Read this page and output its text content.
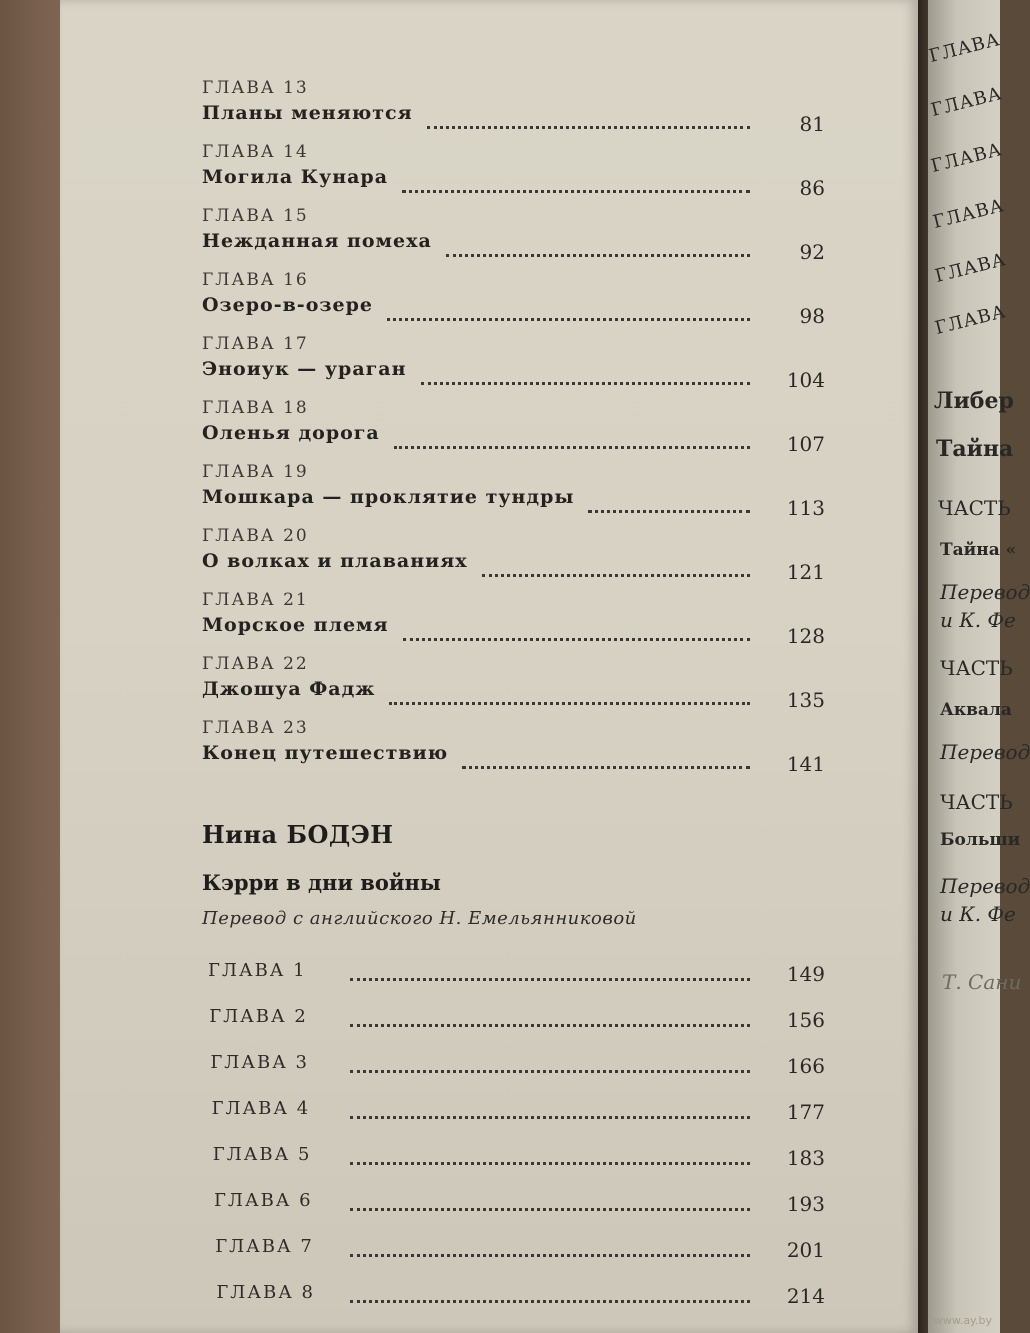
ГЛАВА 13
Планы меняются	81
ГЛАВА 14
Могила Кунара	86
ГЛАВА 15
Нежданная помеха	92
ГЛАВА 16
Озеро-в-озере	98
ГЛАВА 17
Эноиук — ураган	104
ГЛАВА 18
Оленья дорога	107
ГЛАВА 19
Мошкара — проклятие тундры	113
ГЛАВА 20
О волках и плаваниях	121
ГЛАВА 21
Морское племя	128
ГЛАВА 22
Джошуа Фадж	135
ГЛАВА 23
Конец путешествию	141
Нина БОДЭН
Кэрри в дни войны
Перевод с английского Н. Емельянниковой
ГЛАВА 1	149
ГЛАВА 2	156
ГЛАВА 3	166
ГЛАВА 4	177
ГЛАВА 5	183
ГЛАВА 6	193
ГЛАВА 7	201
ГЛАВА 8	214
ГЛАВА
ГЛАВА
ГЛАВА
ГЛАВА
ГЛАВА
ГЛАВА
Либер
Тайна
ЧАСТЬ
Тайна «
Перевод
и К. Фе
ЧАСТЬ
Аквала
Перевод
ЧАСТЬ
Больши
Перевод
и К. Фе
Т. Сани
www.ay.by
